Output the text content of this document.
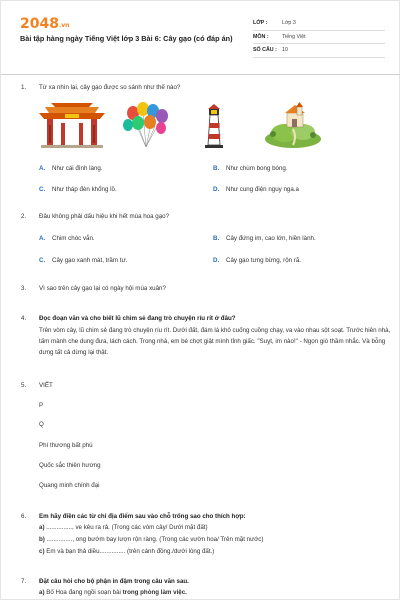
2048.vn
Bài tập hàng ngày Tiếng Việt lớp 3 Bài 6: Cây gạo (có đáp án)
LỚP :	Lớp 3
MÔN :	Tiếng Việt
SỐ CÂU : 10
1. Từ xa nhìn lại, cây gạo được so sánh như thế nào?
A. Như cái đình làng.	B. Như chùm bong bóng.
C. Như tháp đèn khổng lồ.	D. Như cung điện nguy nga.a
2. Đâu không phải dấu hiệu khi hết mùa hoa gạo?
A. Chim chóc vắn.	B. Cây đứng im, cao lớn, hiền lành.
C. Cây gạo xanh mát, trầm tư.	D. Cây gạo tưng bừng, rộn rã.
3. Vì sao trên cây gạo lại có ngày hội mùa xuân?
4. Đọc đoạn văn và cho biết lũ chim sẻ đang trò chuyện ríu rít ở đâu?
Trên vòm cây, lũ chim sẻ đang trò chuyện ríu rít. Dưới đất, đám lá khô cuống cuồng chạy, va vào nhau sột soạt. Trước hiên nhà, tấm mành che dung đưa, lách cách. Trong nhà, em bé chợt giật mình tỉnh giấc. "Suỵt, im nào!" - Ngọn gió thầm nhắc. Và bỗng dưng tất cả dừng lại thật.
5. VIẾT
P
Q
Phí thương bất phú
Quốc sắc thiên hương
Quang minh chính đại
6. Em hãy điền các từ chỉ địa điểm sau vào chỗ trống sao cho thích hợp:
a) ..............., ve kêu ra rả. (Trong các vòm cây/ Dưới mặt đất)
b) ..............., ong bướm bay lượn rộn ràng. (Trong các vườn hoa/ Trên mặt nước)
c) Em và bạn thả diều............... (trên cánh đồng./dưới lòng đất.)
7. Đặt câu hỏi cho bộ phận in đậm trong câu văn sau.
a) Bố Hoa đang ngồi soạn bài trong phòng làm việc.
